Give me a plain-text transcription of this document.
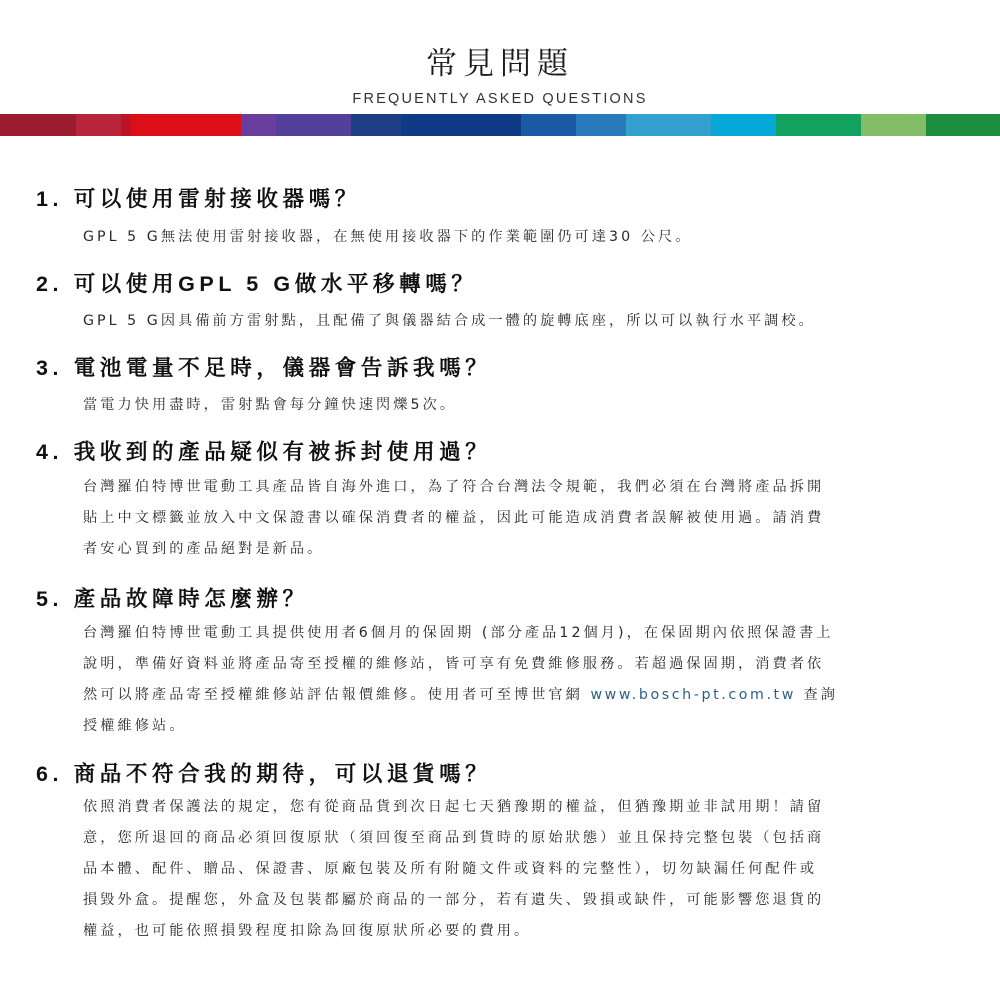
常見問題
FREQUENTLY ASKED QUESTIONS
1. 可以使用雷射接收器嗎？
GPL 5 G無法使用雷射接收器，在無使用接收器下的作業範圍仍可達30 公尺。
2. 可以使用GPL 5 G做水平移轉嗎？
GPL 5 G因具備前方雷射點，且配備了與儀器結合成一體的旋轉底座，所以可以執行水平調校。
3. 電池電量不足時，儀器會告訴我嗎？
當電力快用盡時，雷射點會每分鐘快速閃爍5次。
4. 我收到的產品疑似有被拆封使用過？
台灣羅伯特博世電動工具產品皆自海外進口，為了符合台灣法令規範，我們必須在台灣將產品拆開
貼上中文標籤並放入中文保證書以確保消費者的權益，因此可能造成消費者誤解被使用過。請消費
者安心買到的產品絕對是新品。
5. 產品故障時怎麼辦？
台灣羅伯特博世電動工具提供使用者6個月的保固期 (部分產品12個月)，在保固期內依照保證書上
說明，準備好資料並將產品寄至授權的維修站，皆可享有免費維修服務。若超過保固期，消費者依
然可以將產品寄至授權維修站評估報價維修。使用者可至博世官網 www.bosch-pt.com.tw 查詢
授權維修站。
6. 商品不符合我的期待，可以退貨嗎？
依照消費者保護法的規定，您有從商品貨到次日起七天猶豫期的權益，但猶豫期並非試用期！請留
意，您所退回的商品必須回復原狀（須回復至商品到貨時的原始狀態）並且保持完整包裝（包括商
品本體、配件、贈品、保證書、原廠包裝及所有附隨文件或資料的完整性），切勿缺漏任何配件或
損毀外盒。提醒您，外盒及包裝都屬於商品的一部分，若有遺失、毀損或缺件，可能影響您退貨的
權益，也可能依照損毀程度扣除為回復原狀所必要的費用。
